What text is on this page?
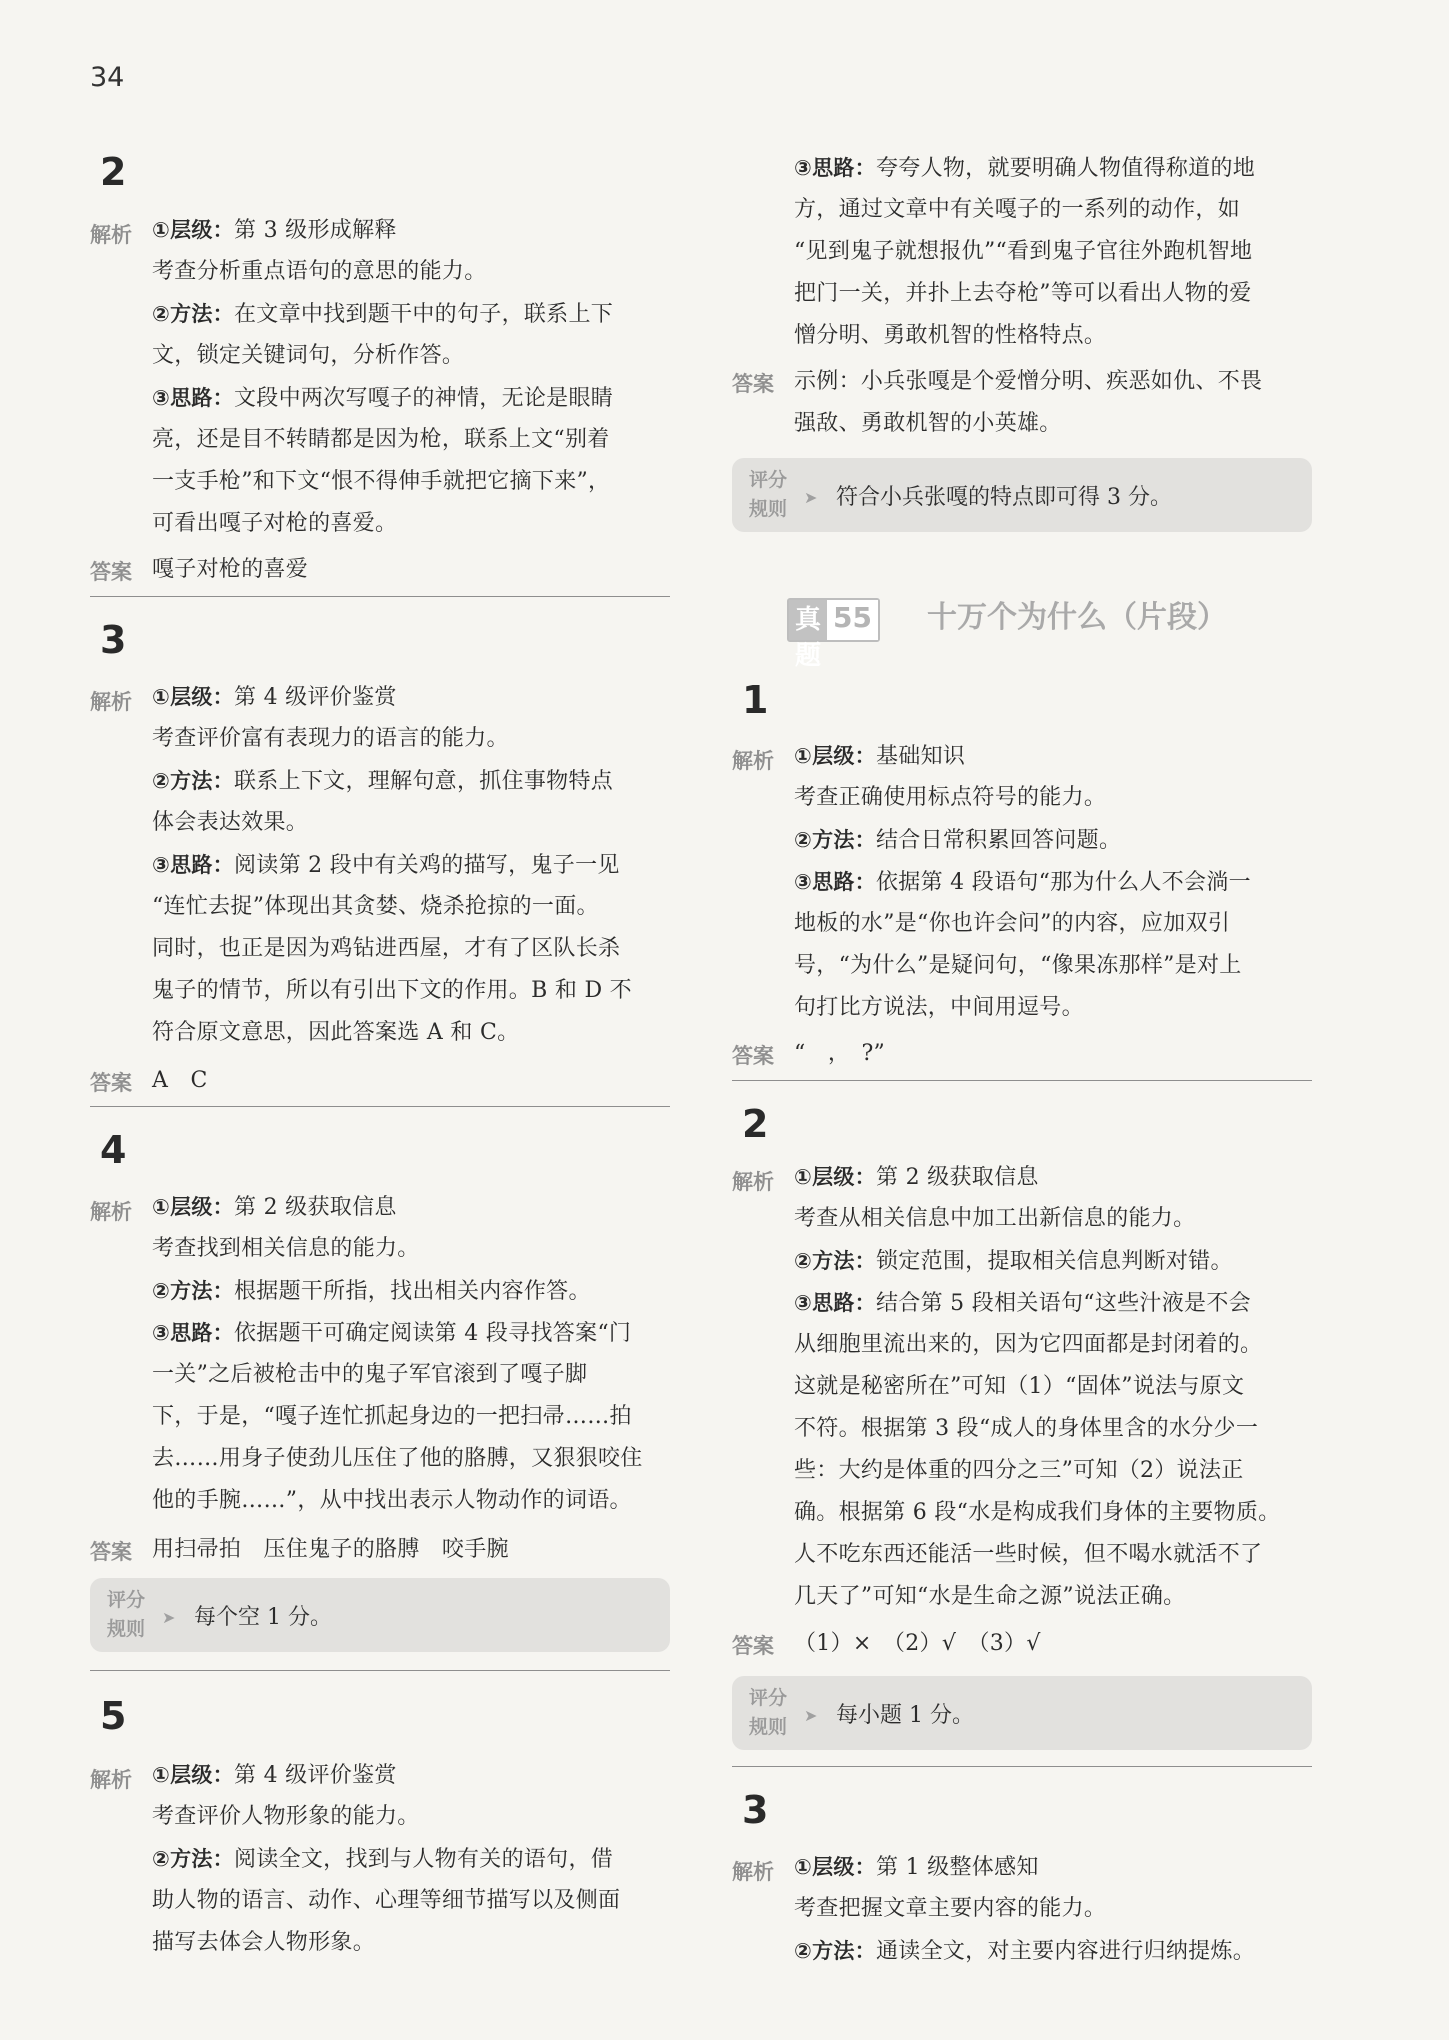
34
2
解析 ①层级：第 3 级形成解释
考查分析重点语句的意思的能力。
②方法：在文章中找到题干中的句子，联系上下
文，锁定关键词句，分析作答。
③思路：文段中两次写嘎子的神情，无论是眼睛
亮，还是目不转睛都是因为枪，联系上文“别着
一支手枪”和下文“恨不得伸手就把它摘下来”，
可看出嘎子对枪的喜爱。
答案 嘎子对枪的喜爱
3
解析 ①层级：第 4 级评价鉴赏
考查评价富有表现力的语言的能力。
②方法：联系上下文，理解句意，抓住事物特点
体会表达效果。
③思路：阅读第 2 段中有关鸡的描写，鬼子一见
“连忙去捉”体现出其贪婪、烧杀抢掠的一面。
同时，也正是因为鸡钻进西屋，才有了区队长杀
鬼子的情节，所以有引出下文的作用。B 和 D 不
符合原文意思，因此答案选 A 和 C。
答案 A　C
4
解析 ①层级：第 2 级获取信息
考查找到相关信息的能力。
②方法：根据题干所指，找出相关内容作答。
③思路：依据题干可确定阅读第 4 段寻找答案“门
一关”之后被枪击中的鬼子军官滚到了嘎子脚
下，于是，“嘎子连忙抓起身边的一把扫帚……拍
去……用身子使劲儿压住了他的胳膊，又狠狠咬住
他的手腕……”，从中找出表示人物动作的词语。
答案 用扫帚拍　压住鬼子的胳膊　咬手腕
评分
规则
➤ 每个空 1 分。
5
解析 ①层级：第 4 级评价鉴赏
考查评价人物形象的能力。
②方法：阅读全文，找到与人物有关的语句，借
助人物的语言、动作、心理等细节描写以及侧面
描写去体会人物形象。
③思路：夸夸人物，就要明确人物值得称道的地
方，通过文章中有关嘎子的一系列的动作，如
“见到鬼子就想报仇”“看到鬼子官往外跑机智地
把门一关，并扑上去夺枪”等可以看出人物的爱
憎分明、勇敢机智的性格特点。
答案 示例：小兵张嘎是个爱憎分明、疾恶如仇、不畏
强敌、勇敢机智的小英雄。
评分
规则
➤ 符合小兵张嘎的特点即可得 3 分。
真题
55 十万个为什么（片段）
1
解析 ①层级：基础知识
考查正确使用标点符号的能力。
②方法：结合日常积累回答问题。
③思路：依据第 4 段语句“那为什么人不会淌一
地板的水”是“你也许会问”的内容，应加双引
号，“为什么”是疑问句，“像果冻那样”是对上
句打比方说法，中间用逗号。
答案 “　，　?”
2
解析 ①层级：第 2 级获取信息
考查从相关信息中加工出新信息的能力。
②方法：锁定范围，提取相关信息判断对错。
③思路：结合第 5 段相关语句“这些汁液是不会
从细胞里流出来的，因为它四面都是封闭着的。
这就是秘密所在”可知（1）“固体”说法与原文
不符。根据第 3 段“成人的身体里含的水分少一
些：大约是体重的四分之三”可知（2）说法正
确。根据第 6 段“水是构成我们身体的主要物质。
人不吃东西还能活一些时候，但不喝水就活不了
几天了”可知“水是生命之源”说法正确。
答案 （1）×　（2）√　（3）√
评分
规则
➤ 每小题 1 分。
3
解析 ①层级：第 1 级整体感知
考查把握文章主要内容的能力。
②方法：通读全文，对主要内容进行归纳提炼。
